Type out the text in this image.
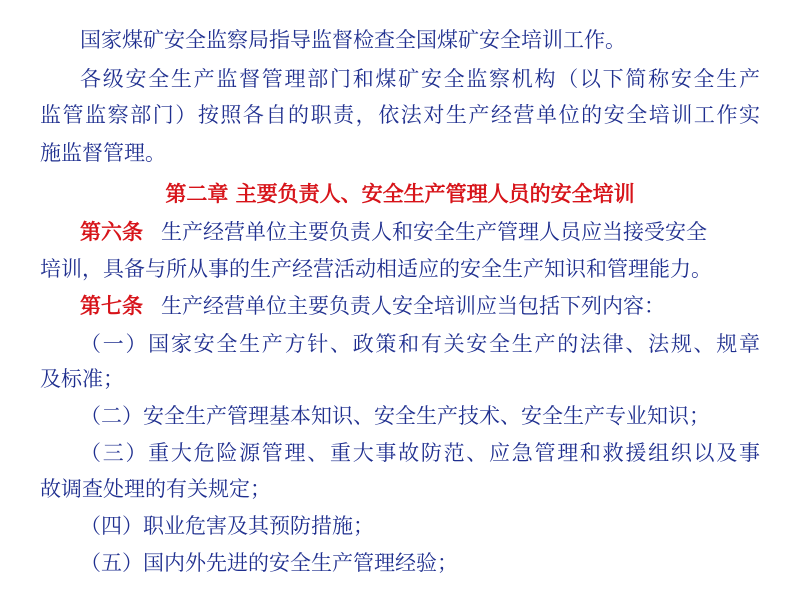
国家煤矿安全监察局指导监督检查全国煤矿安全培训工作。
各级安全生产监督管理部门和煤矿安全监察机构（以下简称安全生产
监管监察部门）按照各自的职责，依法对生产经营单位的安全培训工作实
施监督管理。
第二章 主要负责人、安全生产管理人员的安全培训
第六条 生产经营单位主要负责人和安全生产管理人员应当接受安全
培训，具备与所从事的生产经营活动相适应的安全生产知识和管理能力。
第七条 生产经营单位主要负责人安全培训应当包括下列内容：
（一）国家安全生产方针、政策和有关安全生产的法律、法规、规章
及标准；
（二）安全生产管理基本知识、安全生产技术、安全生产专业知识；
（三）重大危险源管理、重大事故防范、应急管理和救援组织以及事
故调查处理的有关规定；
（四）职业危害及其预防措施；
（五）国内外先进的安全生产管理经验；
